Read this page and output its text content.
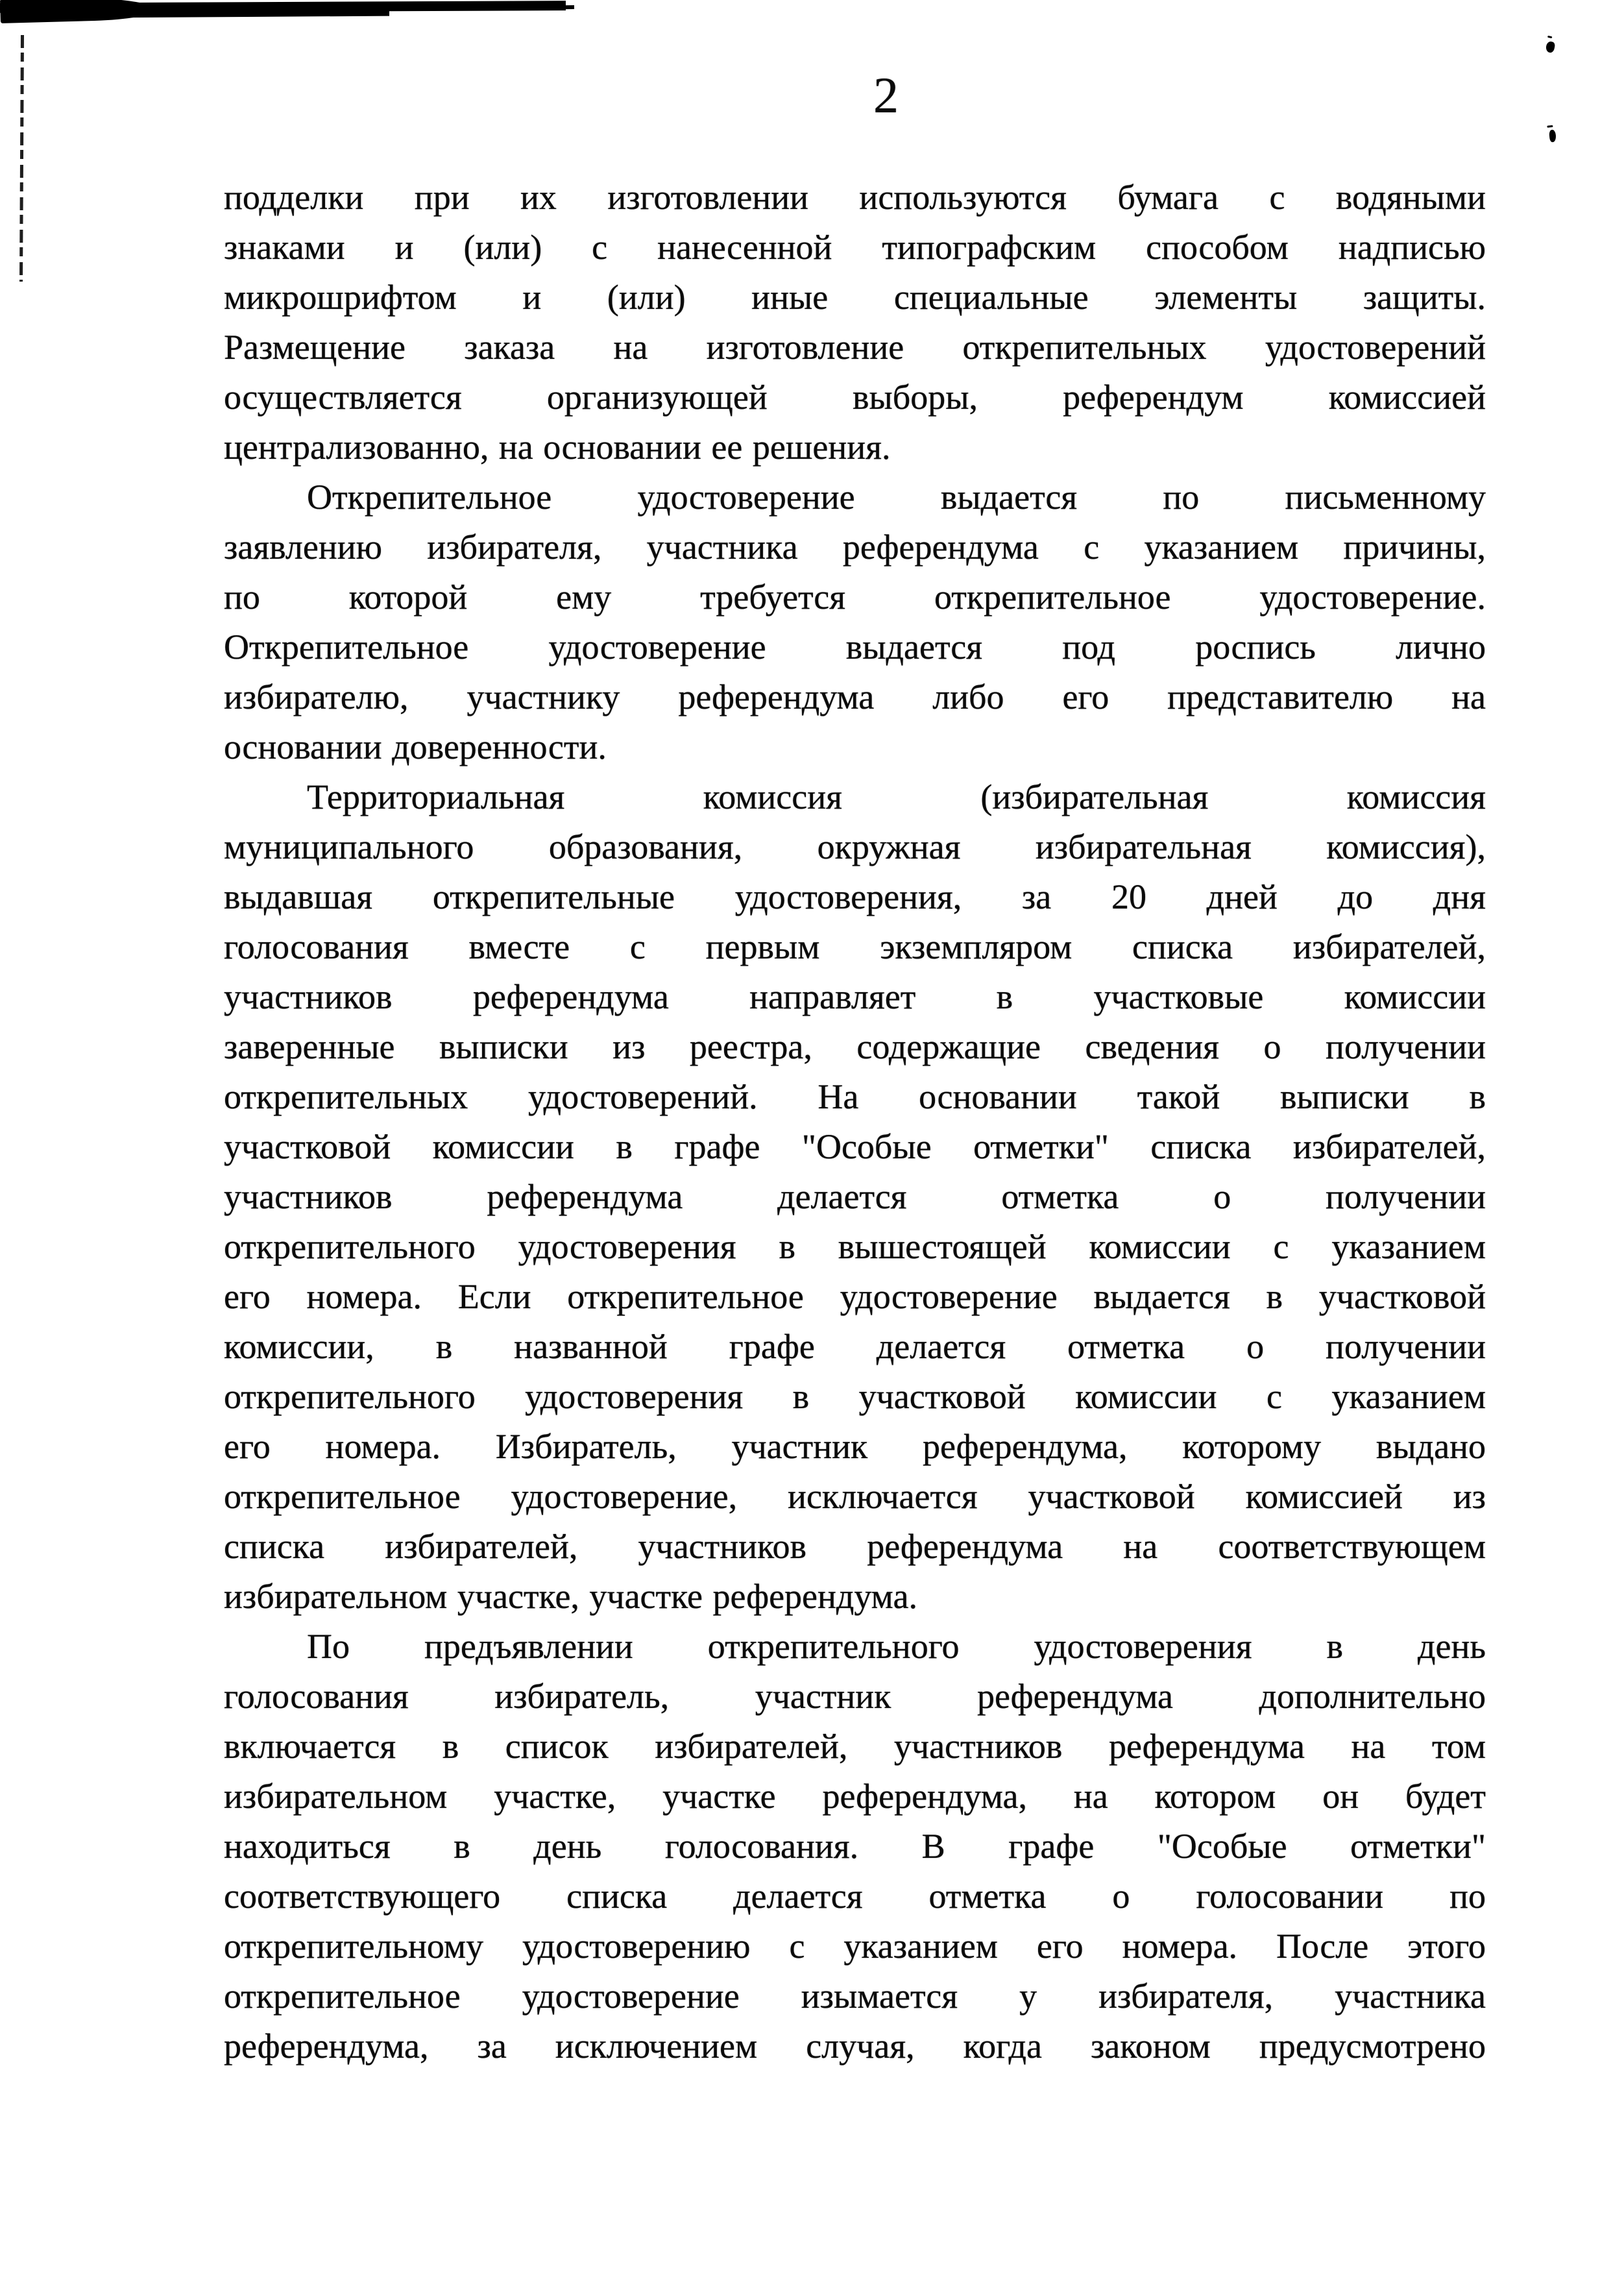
2
подделки при их изготовлении используются бумага с водяными
знаками и (или) с нанесенной типографским способом надписью
микрошрифтом и (или) иные специальные элементы защиты.
Размещение заказа на изготовление открепительных удостоверений
осуществляется организующей выборы, референдум комиссией
централизованно, на основании ее решения.
Открепительное удостоверение выдается по письменному
заявлению избирателя, участника референдума с указанием причины,
по которой ему требуется открепительное удостоверение.
Открепительное удостоверение выдается под роспись лично
избирателю, участнику референдума либо его представителю на
основании доверенности.
Территориальная комиссия (избирательная комиссия
муниципального образования, окружная избирательная комиссия),
выдавшая открепительные удостоверения, за 20 дней до дня
голосования вместе с первым экземпляром списка избирателей,
участников референдума направляет в участковые комиссии
заверенные выписки из реестра, содержащие сведения о получении
открепительных удостоверений. На основании такой выписки в
участковой комиссии в графе "Особые отметки" списка избирателей,
участников референдума делается отметка о получении
открепительного удостоверения в вышестоящей комиссии с указанием
его номера. Если открепительное удостоверение выдается в участковой
комиссии, в названной графе делается отметка о получении
открепительного удостоверения в участковой комиссии с указанием
его номера. Избиратель, участник референдума, которому выдано
открепительное удостоверение, исключается участковой комиссией из
списка избирателей, участников референдума на соответствующем
избирательном участке, участке референдума.
По предъявлении открепительного удостоверения в день
голосования избиратель, участник референдума дополнительно
включается в список избирателей, участников референдума на том
избирательном участке, участке референдума, на котором он будет
находиться в день голосования. В графе "Особые отметки"
соответствующего списка делается отметка о голосовании по
открепительному удостоверению с указанием его номера. После этого
открепительное удостоверение изымается у избирателя, участника
референдума, за исключением случая, когда законом предусмотрено
